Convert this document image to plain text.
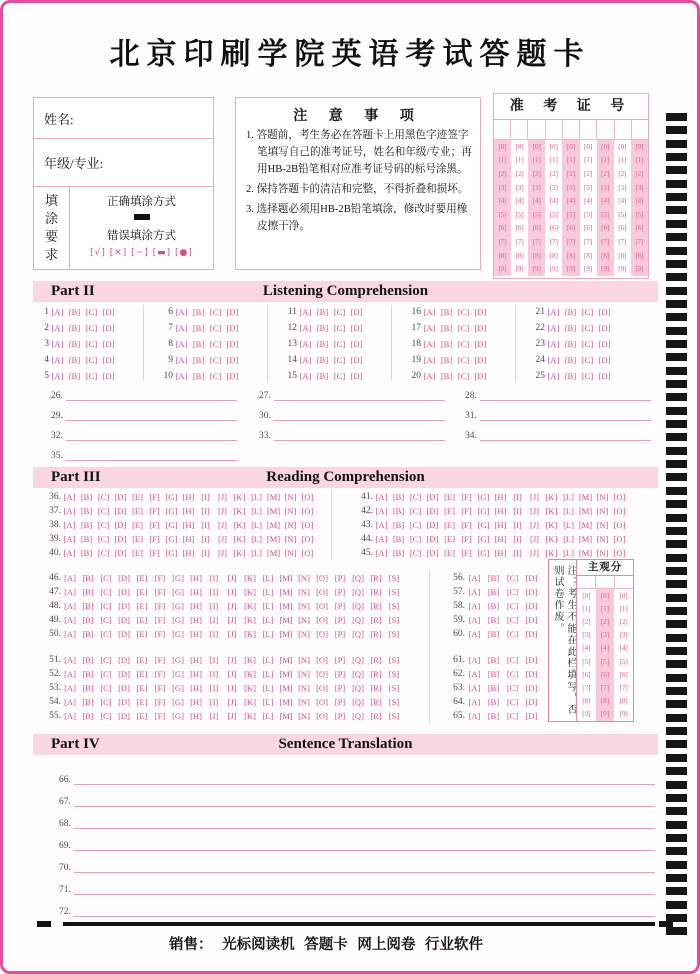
北京印刷学院英语考试答题卡
姓名:
年级/专业:
填
涂
要
求
正确填涂方式
错误填涂方式
[√] [✕] [~] [▬] [●]
注 意 事 项
1. 答题前，考生务必在答题卡上用黑色字迹签字笔填写自己的准考证号，姓名和年级/专业；再用HB-2B铅笔相对应准考证号码的标号涂黑。
2. 保持答题卡的清洁和完整，不得折叠和损坏。
3. 选择题必须用HB-2B铅笔填涂，修改时要用橡皮擦干净。
准 考 证 号
[0]
[1]
[2]
[3]
[4]
[5]
[6]
[7]
[8]
[9]
[0]
[1]
[2]
[3]
[4]
[5]
[6]
[7]
[8]
[9]
[0]
[1]
[2]
[3]
[4]
[5]
[6]
[7]
[8]
[9]
[0]
[1]
[2]
[3]
[4]
[5]
[6]
[7]
[8]
[9]
[0]
[1]
[2]
[3]
[4]
[5]
[6]
[7]
[8]
[9]
[0]
[1]
[2]
[3]
[4]
[5]
[6]
[7]
[8]
[9]
[0]
[1]
[2]
[3]
[4]
[5]
[6]
[7]
[8]
[9]
[0]
[1]
[2]
[3]
[4]
[5]
[6]
[7]
[8]
[9]
[0]
[1]
[2]
[3]
[4]
[5]
[6]
[7]
[8]
[9]
Part II	Listening Comprehension
Part III	Reading Comprehension
Part IV	Sentence Translation
注：考生不能在此栏填写，否
则试卷作废。	主观分
[0]
[1]
[2]
[3]
[4]
[5]
[6]
[7]
[8]
[9]
[0]
[1]
[2]
[3]
[4]
[5]
[6]
[7]
[8]
[9]
[0]
[1]
[2]
[3]
[4]
[5]
[6]
[7]
[8]
[9]
销售： 光标阅读机 答题卡 网上阅卷 行业软件
1 [A] [B] [C] [D]
2 [A] [B] [C] [D]
3 [A] [B] [C] [D]
4 [A] [B] [C] [D]
5 [A] [B] [C] [D]
6 [A] [B] [C] [D]
7 [A] [B] [C] [D]
8 [A] [B] [C] [D]
9 [A] [B] [C] [D]
10 [A] [B] [C] [D]
11 [A] [B] [C] [D]
12 [A] [B] [C] [D]
13 [A] [B] [C] [D]
14 [A] [B] [C] [D]
15 [A] [B] [C] [D]
16 [A] [B] [C] [D]
17 [A] [B] [C] [D]
18 [A] [B] [C] [D]
19 [A] [B] [C] [D]
20 [A] [B] [C] [D]
21 [A] [B] [C] [D]
22 [A] [B] [C] [D]
23 [A] [B] [C] [D]
24 [A] [B] [C] [D]
25 [A] [B] [C] [D]
26.	27.	28.
29.	30.	31.
32.	33.	34.
35.
36. [A] [B] [C] [D] [E] [F] [G] [H] [I] [J] [K] [L] [M] [N] [O]
37. [A] [B] [C] [D] [E] [F] [G] [H] [I] [J] [K] [L] [M] [N] [O]
38. [A] [B] [C] [D] [E] [F] [G] [H] [I] [J] [K] [L] [M] [N] [O]
39. [A] [B] [C] [D] [E] [F] [G] [H] [I] [J] [K] [L] [M] [N] [O]
40. [A] [B] [C] [D] [E] [F] [G] [H] [I] [J] [K] [L] [M] [N] [O]
41. [A] [B] [C] [D] [E] [F] [G] [H] [I] [J] [K] [L] [M] [N] [O]
42. [A] [B] [C] [D] [E] [F] [G] [H] [I] [J] [K] [L] [M] [N] [O]
43. [A] [B] [C] [D] [E] [F] [G] [H] [I] [J] [K] [L] [M] [N] [O]
44. [A] [B] [C] [D] [E] [F] [G] [H] [I] [J] [K] [L] [M] [N] [O]
45. [A] [B] [C] [D] [E] [F] [G] [H] [I] [J] [K] [L] [M] [N] [O]
46. [A] [B] [C] [D] [E] [F] [G] [H] [I]	[J] [K] [L] [M] [N] [O] [P] [Q] [R] [S]
47. [A] [B] [C] [D] [E] [F] [G] [H] [I]	[J] [K] [L] [M] [N] [O] [P] [Q] [R] [S]
48. [A] [B] [C] [D] [E] [F] [G] [H] [I]	[J] [K] [L] [M] [N] [O] [P] [Q] [R] [S]
49. [A] [B] [C] [D] [E] [F] [G] [H] [I]	[J] [K] [L] [M] [N] [O] [P] [Q] [R] [S]
50. [A] [B] [C] [D] [E] [F] [G] [H] [I]	[J] [K] [L] [M] [N] [O] [P] [Q] [R] [S]
51. [A] [B] [C] [D] [E] [F] [G] [H] [I]	[J] [K] [L] [M] [N] [O] [P] [Q] [R] [S]
52. [A] [B] [C] [D] [E] [F] [G] [H] [I]	[J] [K] [L] [M] [N] [O] [P] [Q] [R] [S]
53. [A] [B] [C] [D] [E] [F] [G] [H] [I]	[J] [K] [L] [M] [N] [O] [P] [Q] [R] [S]
54. [A] [B] [C] [D] [E] [F] [G] [H] [I]	[J] [K] [L] [M] [N] [O] [P] [Q] [R] [S]
55. [A] [B] [C] [D] [E] [F] [G] [H] [I]	[J] [K] [L] [M] [N] [O] [P] [Q] [R] [S]
56. [A] [B] [C] [D]
57. [A] [B] [C] [D]
58. [A] [B] [C] [D]
59. [A] [B] [C] [D]
60. [A] [B] [C] [D]
61. [A] [B] [C] [D]
62. [A] [B] [C] [D]
63. [A] [B] [C] [D]
64. [A] [B] [C] [D]
65. [A] [B] [C] [D]
66.
67.
68.
69.
70.
71.
72.
